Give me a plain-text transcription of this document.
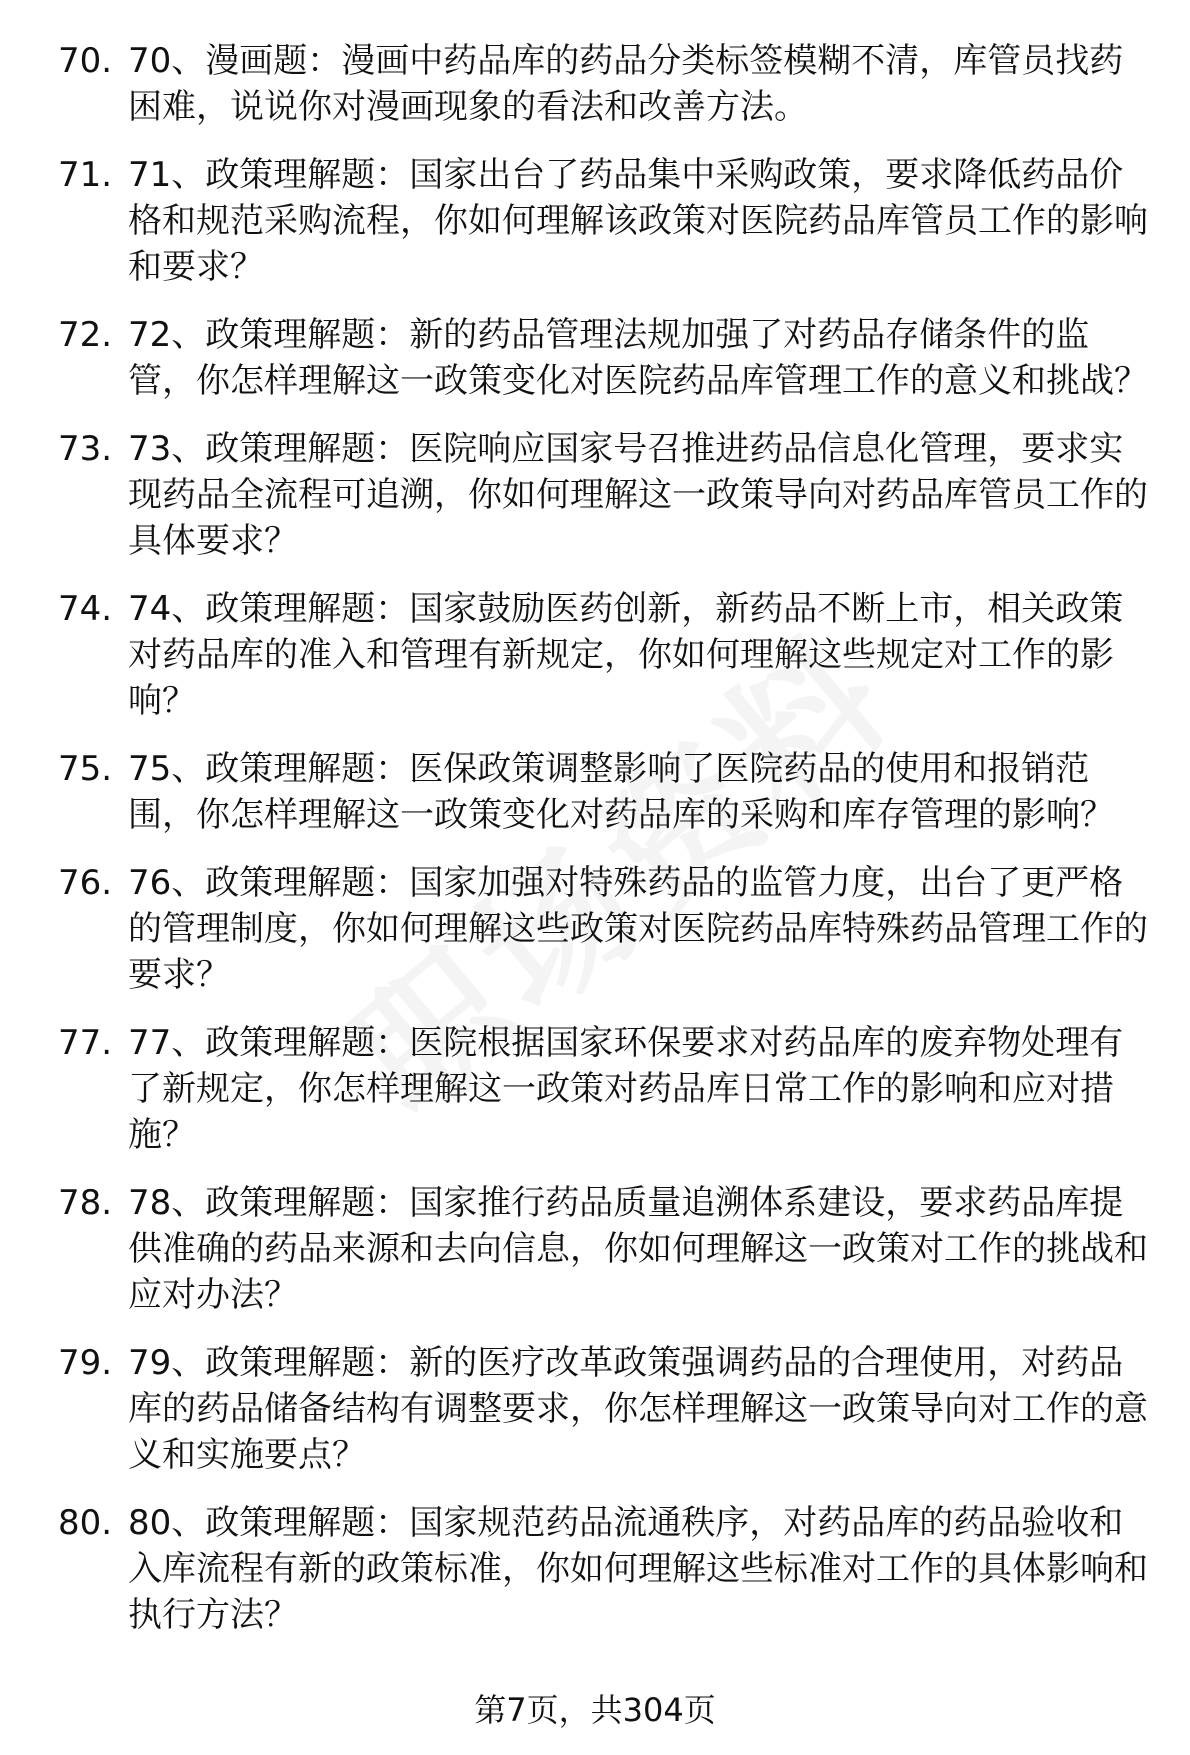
70. 70、漫画题：漫画中药品库的药品分类标签模糊不清，库管员找药困难，说说你对漫画现象的看法和改善方法。
71. 71、政策理解题：国家出台了药品集中采购政策，要求降低药品价格和规范采购流程，你如何理解该政策对医院药品库管员工作的影响和要求？
72. 72、政策理解题：新的药品管理法规加强了对药品存储条件的监管，你怎样理解这一政策变化对医院药品库管理工作的意义和挑战？
73. 73、政策理解题：医院响应国家号召推进药品信息化管理，要求实现药品全流程可追溯，你如何理解这一政策导向对药品库管员工作的具体要求？
74. 74、政策理解题：国家鼓励医药创新，新药品不断上市，相关政策对药品库的准入和管理有新规定，你如何理解这些规定对工作的影响？
75. 75、政策理解题：医保政策调整影响了医院药品的使用和报销范围，你怎样理解这一政策变化对药品库的采购和库存管理的影响？
76. 76、政策理解题：国家加强对特殊药品的监管力度，出台了更严格的管理制度，你如何理解这些政策对医院药品库特殊药品管理工作的要求？
77. 77、政策理解题：医院根据国家环保要求对药品库的废弃物处理有了新规定，你怎样理解这一政策对药品库日常工作的影响和应对措施？
78. 78、政策理解题：国家推行药品质量追溯体系建设，要求药品库提供准确的药品来源和去向信息，你如何理解这一政策对工作的挑战和应对办法？
79. 79、政策理解题：新的医疗改革政策强调药品的合理使用，对药品库的药品储备结构有调整要求，你怎样理解这一政策导向对工作的意义和实施要点？
80. 80、政策理解题：国家规范药品流通秩序，对药品库的药品验收和入库流程有新的政策标准，你如何理解这些标准对工作的具体影响和执行方法？
第7页，共304页
